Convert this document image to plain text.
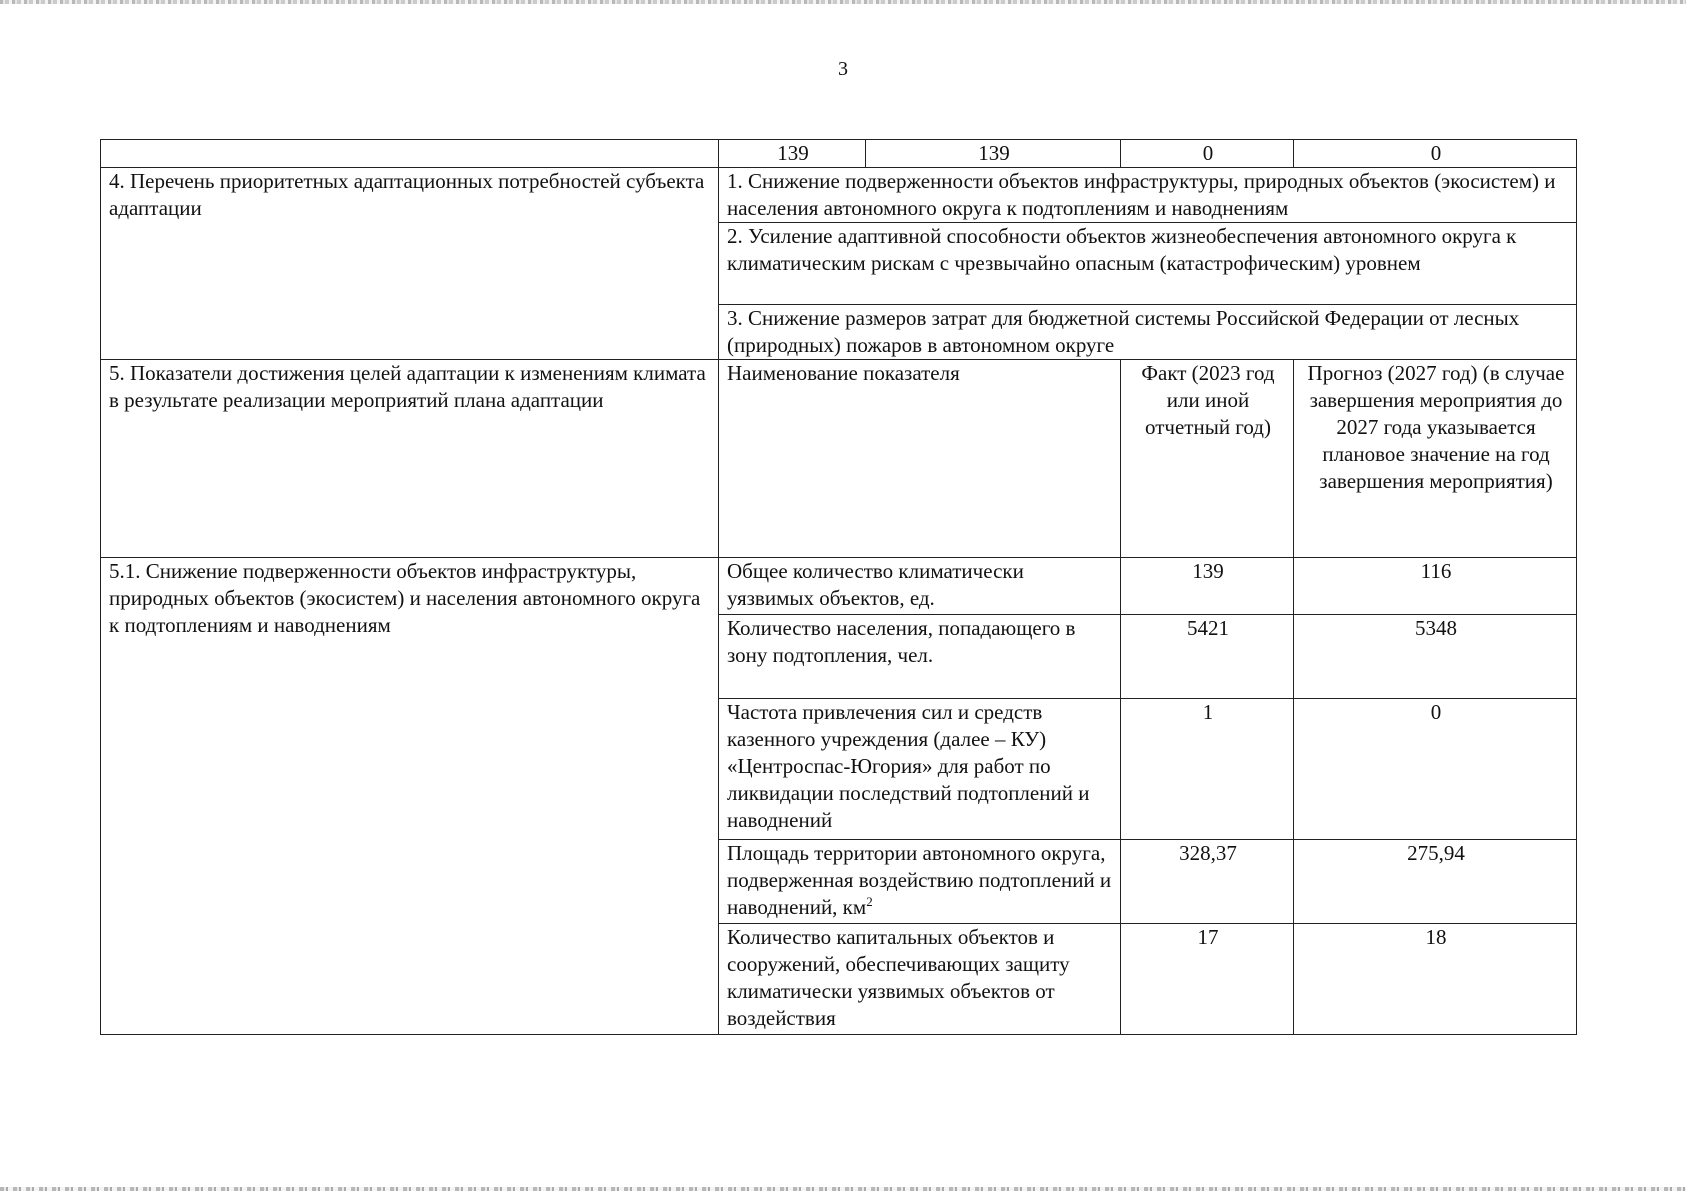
3
	139	139	0	0
4. Перечень приоритетных адаптационных потребностей субъекта адаптации	1. Снижение подверженности объектов инфраструктуры, природных объектов (экосистем) и населения автономного округа к подтоплениям и наводнениям			
	2. Усиление адаптивной способности объектов жизнеобеспечения автономного округа к климатическим рискам с чрезвычайно опасным (катастрофическим) уровнем			
	3. Снижение размеров затрат для бюджетной системы Российской Федерации от лесных (природных) пожаров в автономном округе			
5. Показатели достижения целей адаптации к изменениям климата в результате реализации мероприятий плана адаптации	Наименование показателя		Факт (2023 год или иной отчетный год)	Прогноз (2027 год) (в случае завершения мероприятия до 2027 года указывается плановое значение на год завершения мероприятия)
5.1. Снижение подверженности объектов инфраструктуры, природных объектов (экосистем) и населения автономного округа к подтоплениям и наводнениям	Общее количество климатически уязвимых объектов, ед.		139	116
	Количество населения, попадающего в зону подтопления, чел.		5421	5348
	Частота привлечения сил и средств казенного учреждения (далее – КУ) «Центроспас-Югория» для работ по ликвидации последствий подтоплений и наводнений		1	0
	Площадь территории автономного округа, подверженная воздействию подтоплений и наводнений, $км^2$		328,37	275,94
	Количество капитальных объектов и сооружений, обеспечивающих защиту климатически уязвимых объектов от воздействия		17	18
